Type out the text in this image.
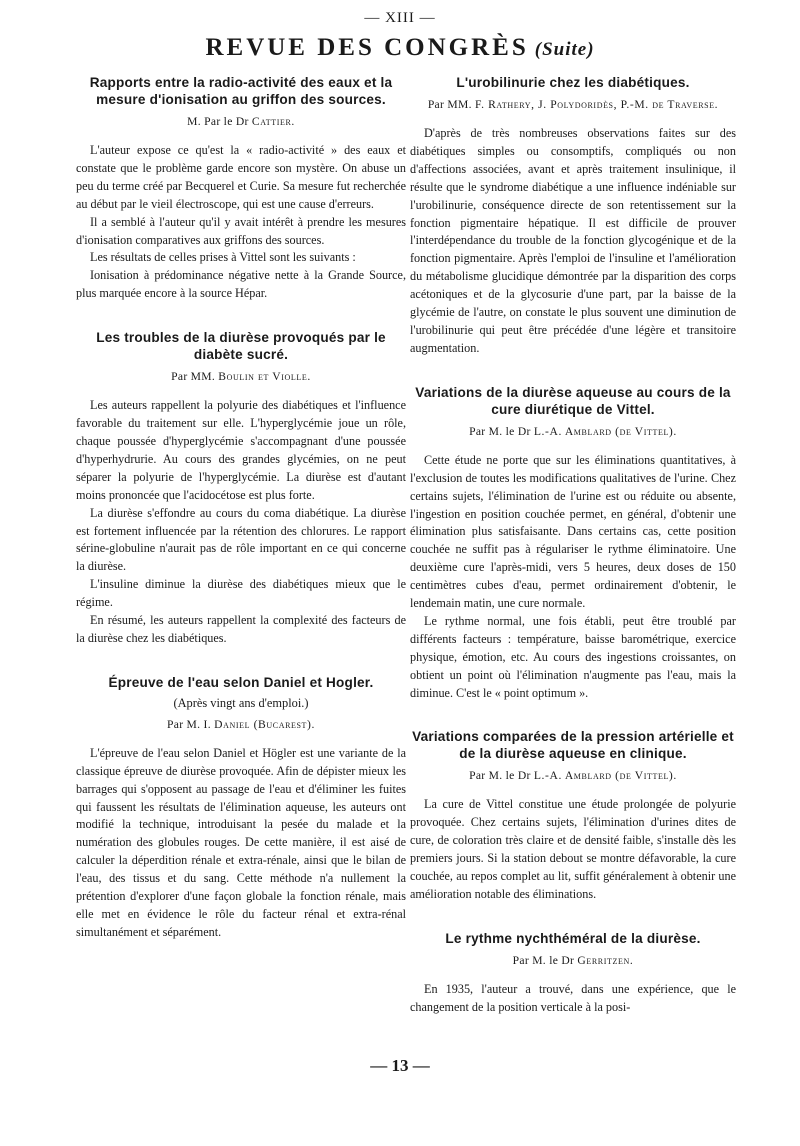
— XIII —
REVUE DES CONGRÈS (Suite)
Rapports entre la radio-activité des eaux et la mesure d'ionisation au griffon des sources.
M. Par le Dr Cattier.

L'auteur expose ce qu'est la « radio-activité » des eaux et constate que le problème garde encore son mystère. On abuse un peu du terme créé par Becquerel et Curie. Sa mesure fut recherchée au début par le vieil électroscope, qui est une cause d'erreurs.

Il a semblé à l'auteur qu'il y avait intérêt à prendre les mesures d'ionisation comparatives aux griffons des sources.

Les résultats de celles prises à Vittel sont les suivants :

Ionisation à prédominance négative nette à la Grande Source, plus marquée encore à la source Hépar.

Les troubles de la diurèse provoqués par le diabète sucré.
Par MM. Boulin et Violle.

Les auteurs rappellent la polyurie des diabétiques et l'influence favorable du traitement sur elle. L'hyperglycémie joue un rôle, chaque poussée d'hyperglycémie s'accompagnant d'une poussée d'hyperhydrurie. Au cours des grandes glycémies, on ne peut séparer la polyurie de l'hyperglycémie. La diurèse est d'autant moins prononcée que l'acidocétose est plus forte.

La diurèse s'effondre au cours du coma diabétique. La diurèse est fortement influencée par la rétention des chlorures. Le rapport sérine-globuline n'aurait pas de rôle important en ce qui concerne la diurèse.

L'insuline diminue la diurèse des diabétiques mieux que le régime.

En résumé, les auteurs rappellent la complexité des facteurs de la diurèse chez les diabétiques.

Épreuve de l'eau selon Daniel et Hogler.
(Après vingt ans d'emploi.)
Par M. I. Daniel (Bucarest).

L'épreuve de l'eau selon Daniel et Högler est une variante de la classique épreuve de diurèse provoquée. Afin de dépister mieux les barrages qui s'opposent au passage de l'eau et d'éliminer les fuites qui faussent les résultats de l'élimination aqueuse, les auteurs ont modifié la technique, introduisant la pesée du malade et la numération des globules rouges. De cette manière, il est aisé de calculer la déperdition rénale et extra-rénale, ainsi que le bilan de l'eau, des tissus et du sang. Cette méthode n'a nullement la prétention d'explorer d'une façon globale la fonction rénale, mais elle met en évidence le rôle du facteur rénal et extra-rénal simultanément et séparément.

L'urobilinurie chez les diabétiques.
Par MM. F. Rathery, J. Polydoridès, P.-M. de Traverse.

D'après de très nombreuses observations faites sur des diabétiques simples ou consomptifs, compliqués ou non d'affections associées, avant et après traitement insulinique, il résulte que le syndrome diabétique a une influence indéniable sur l'urobilinurie, conséquence directe de son retentissement sur la fonction pigmentaire hépatique. Il est difficile de prouver l'interdépendance du trouble de la fonction glycogénique et de la fonction pigmentaire. Après l'emploi de l'insuline et l'amélioration du métabolisme glucidique démontrée par la disparition des corps acétoniques et de la glycosurie d'une part, par la baisse de la glycémie de l'autre, on constate le plus souvent une diminution de l'urobilinurie qui peut être précédée d'une légère et transitoire augmentation.

Variations de la diurèse aqueuse au cours de la cure diurétique de Vittel.
Par M. le Dr L.-A. Amblard (de Vittel).

Cette étude ne porte que sur les éliminations quantitatives, à l'exclusion de toutes les modifications qualitatives de l'urine. Chez certains sujets, l'élimination de l'urine est ou réduite ou absente, l'ingestion en position couchée permet, en général, d'obtenir une élimination plus satisfaisante. Dans certains cas, cette position couchée ne suffit pas à régulariser le rythme éliminatoire. Une deuxième cure l'après-midi, vers 5 heures, deux doses de 150 centimètres cubes d'eau, permet ordinairement d'obtenir, le lendemain matin, une cure normale.

Le rythme normal, une fois établi, peut être troublé par différents facteurs : température, baisse barométrique, exercice physique, émotion, etc. Au cours des ingestions croissantes, on obtient un point où l'élimination n'augmente pas l'eau, mais la diminue. C'est le « point optimum ».

Variations comparées de la pression artérielle et de la diurèse aqueuse en clinique.
Par M. le Dr L.-A. Amblard (de Vittel).

La cure de Vittel constitue une étude prolongée de polyurie provoquée. Chez certains sujets, l'élimination d'urines dites de cure, de coloration très claire et de densité faible, s'installe dès les premiers jours. Si la station debout se montre défavorable, la cure couchée, au repos complet au lit, suffit généralement à obtenir une amélioration notable des éliminations.

Le rythme nychthéméral de la diurèse.
Par M. le Dr Gerritzen.

En 1935, l'auteur a trouvé, dans une expérience, que le changement de la position verticale à la posi-

— 13 —
